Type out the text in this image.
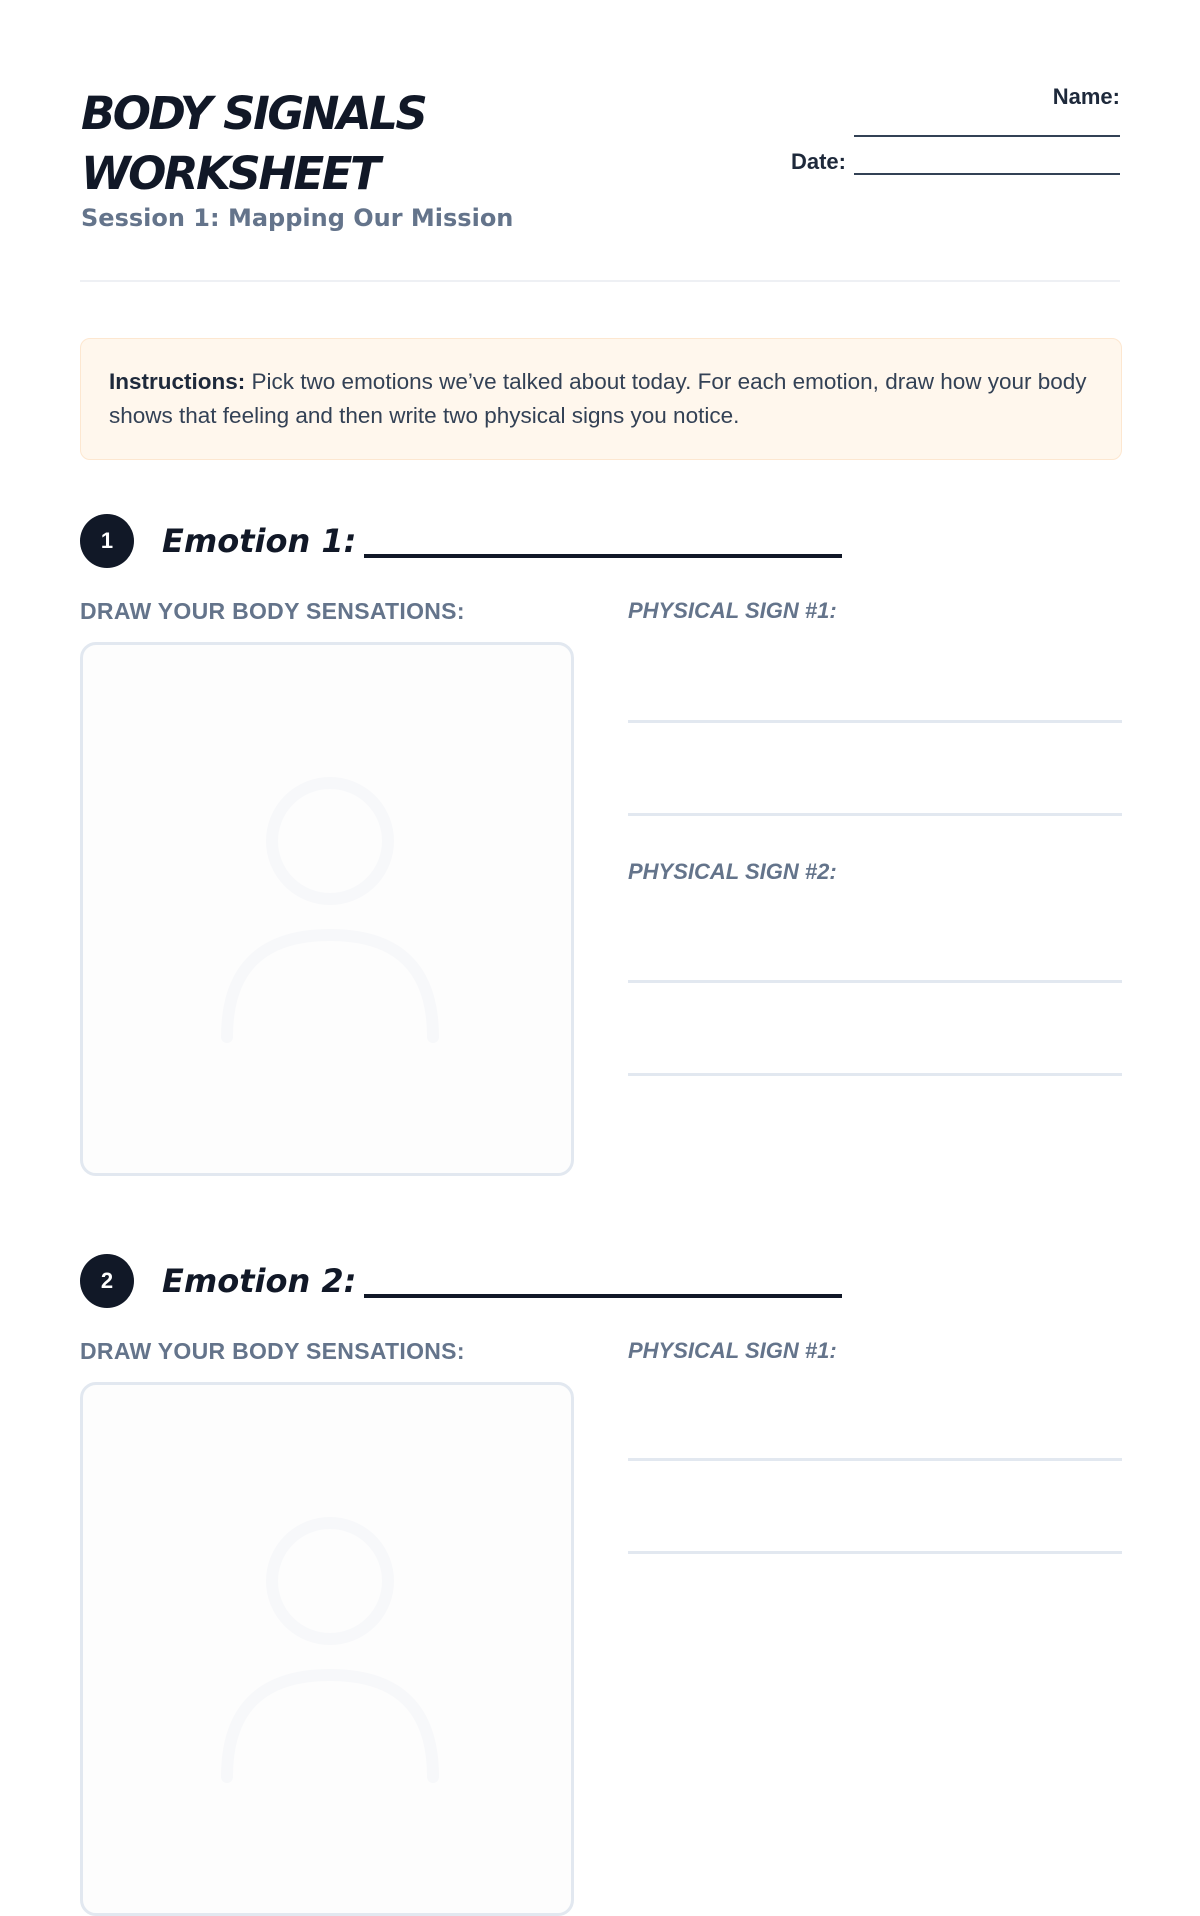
BODY SIGNALS WORKSHEET
Session 1: Mapping Our Mission
Name:
Date:
Instructions: Pick two emotions we’ve talked about today. For each emotion, draw how your body shows that feeling and then write two physical signs you notice.
1	Emotion 1:
DRAW YOUR BODY SENSATIONS:	PHYSICAL SIGN #1:
PHYSICAL SIGN #2:
2	Emotion 2:
DRAW YOUR BODY SENSATIONS:	PHYSICAL SIGN #1:
